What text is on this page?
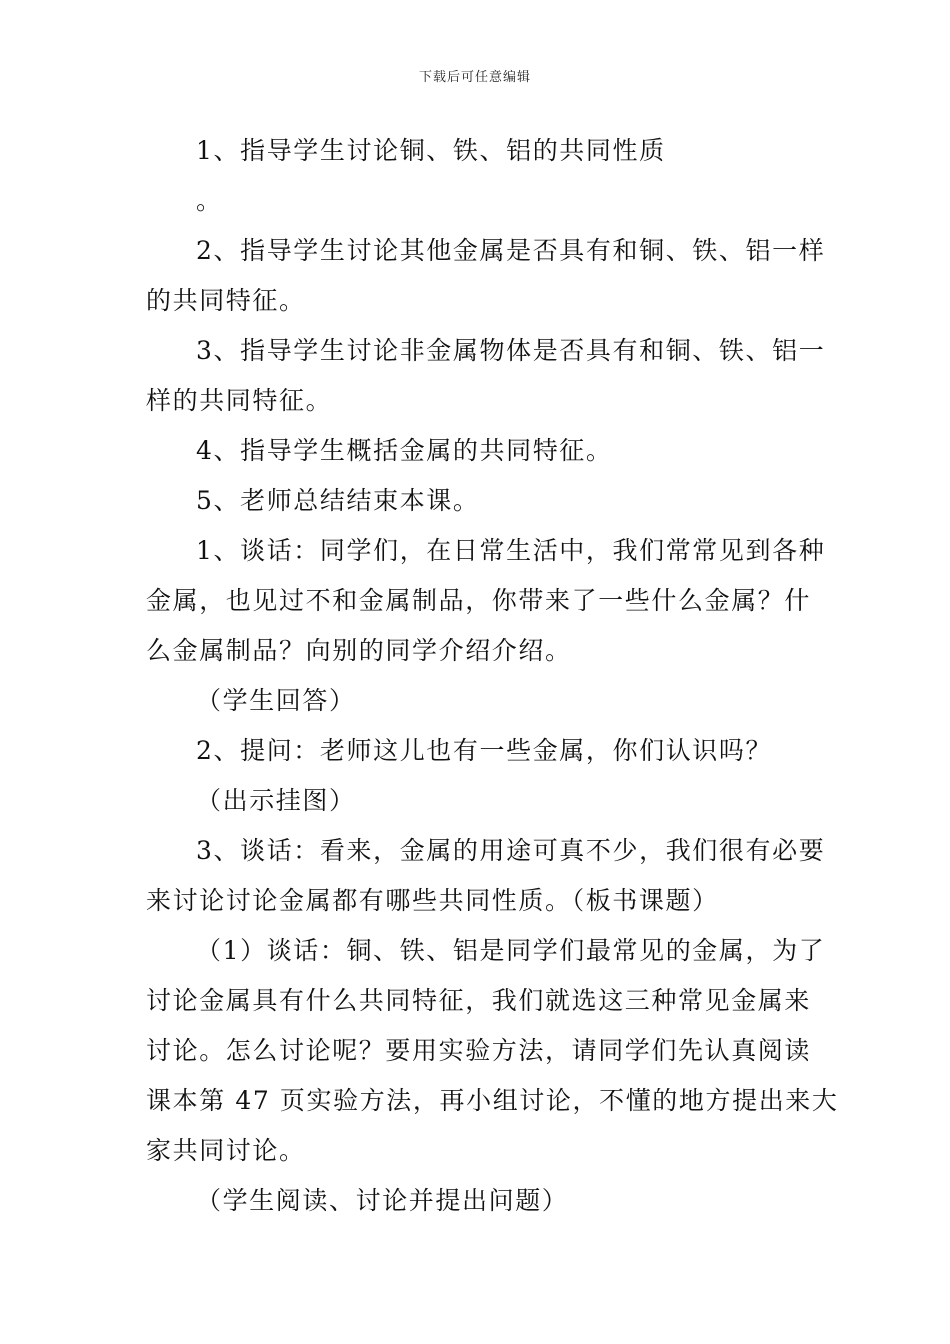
下载后可任意编辑
1、指导学生讨论铜、铁、铝的共同性质
。
2、指导学生讨论其他金属是否具有和铜、铁、铝一样
的共同特征。
3、指导学生讨论非金属物体是否具有和铜、铁、铝一
样的共同特征。
4、指导学生概括金属的共同特征。
5、老师总结结束本课。
1、谈话：同学们，在日常生活中，我们常常见到各种
金属，也见过不和金属制品，你带来了一些什么金属？什
么金属制品？向别的同学介绍介绍。
（学生回答）
2、提问：老师这儿也有一些金属，你们认识吗？
（出示挂图）
3、谈话：看来，金属的用途可真不少，我们很有必要
来讨论讨论金属都有哪些共同性质。（板书课题）
（1）谈话：铜、铁、铝是同学们最常见的金属，为了
讨论金属具有什么共同特征，我们就选这三种常见金属来
讨论。怎么讨论呢？要用实验方法，请同学们先认真阅读
课本第 47 页实验方法，再小组讨论，不懂的地方提出来大
家共同讨论。
（学生阅读、讨论并提出问题）
